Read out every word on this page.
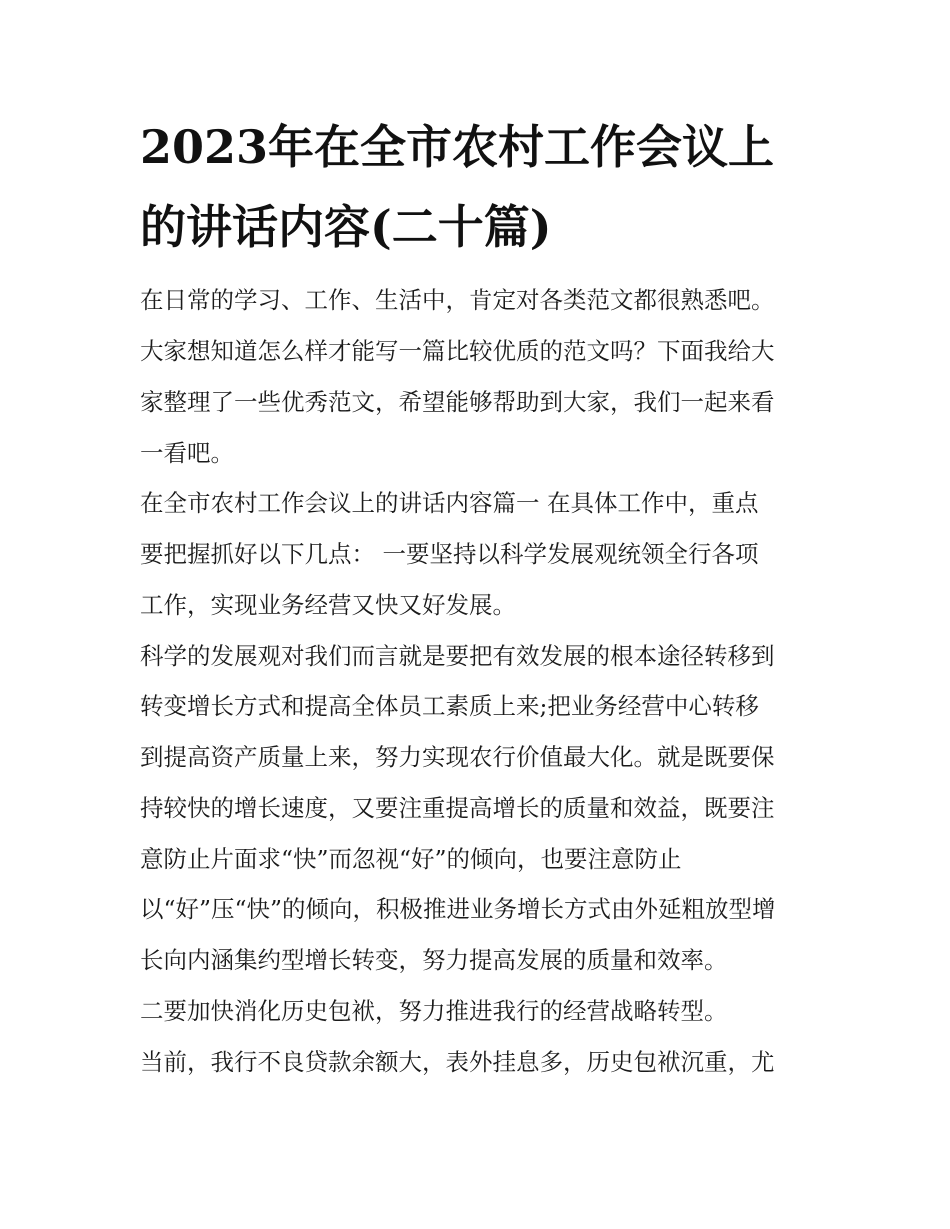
2023年在全市农村工作会议上
的讲话内容(二十篇)
在日常的学习、工作、生活中，肯定对各类范文都很熟悉吧。
大家想知道怎么样才能写一篇比较优质的范文吗？下面我给大
家整理了一些优秀范文，希望能够帮助到大家，我们一起来看
一看吧。
在全市农村工作会议上的讲话内容篇一 在具体工作中，重点
要把握抓好以下几点： 一要坚持以科学发展观统领全行各项
工作，实现业务经营又快又好发展。
科学的发展观对我们而言就是要把有效发展的根本途径转移到
转变增长方式和提高全体员工素质上来;把业务经营中心转移
到提高资产质量上来，努力实现农行价值最大化。就是既要保
持较快的增长速度，又要注重提高增长的质量和效益，既要注
意防止片面求“快”而忽视“好”的倾向，也要注意防止
以“好”压“快”的倾向，积极推进业务增长方式由外延粗放型增
长向内涵集约型增长转变，努力提高发展的质量和效率。
二要加快消化历史包袱，努力推进我行的经营战略转型。
当前，我行不良贷款余额大，表外挂息多，历史包袱沉重，尤
